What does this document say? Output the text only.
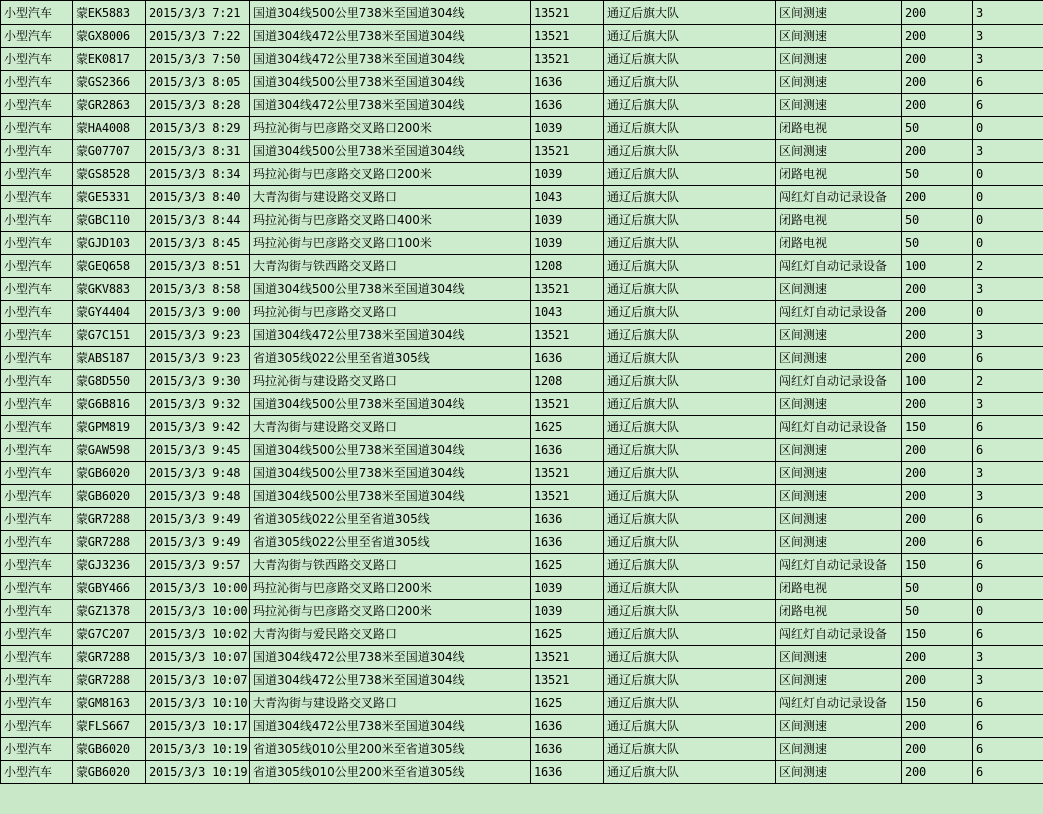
小型汽车	蒙EK5883	2015/3/3 7:21	国道304线500公里738米至国道304线	13521	通辽后旗大队	区间测速	200	3
小型汽车	蒙GX8006	2015/3/3 7:22	国道304线472公里738米至国道304线	13521	通辽后旗大队	区间测速	200	3
小型汽车	蒙EK0817	2015/3/3 7:50	国道304线472公里738米至国道304线	13521	通辽后旗大队	区间测速	200	3
小型汽车	蒙GS2366	2015/3/3 8:05	国道304线500公里738米至国道304线	1636	通辽后旗大队	区间测速	200	6
小型汽车	蒙GR2863	2015/3/3 8:28	国道304线472公里738米至国道304线	1636	通辽后旗大队	区间测速	200	6
小型汽车	蒙HA4008	2015/3/3 8:29	玛拉沁街与巴彦路交叉路口200米	1039	通辽后旗大队	闭路电视	50	0
小型汽车	蒙G07707	2015/3/3 8:31	国道304线500公里738米至国道304线	13521	通辽后旗大队	区间测速	200	3
小型汽车	蒙GS8528	2015/3/3 8:34	玛拉沁街与巴彦路交叉路口200米	1039	通辽后旗大队	闭路电视	50	0
小型汽车	蒙GE5331	2015/3/3 8:40	大青沟街与建设路交叉路口	1043	通辽后旗大队	闯红灯自动记录设备	200	0
小型汽车	蒙GBC110	2015/3/3 8:44	玛拉沁街与巴彦路交叉路口400米	1039	通辽后旗大队	闭路电视	50	0
小型汽车	蒙GJD103	2015/3/3 8:45	玛拉沁街与巴彦路交叉路口100米	1039	通辽后旗大队	闭路电视	50	0
小型汽车	蒙GEQ658	2015/3/3 8:51	大青沟街与铁西路交叉路口	1208	通辽后旗大队	闯红灯自动记录设备	100	2
小型汽车	蒙GKV883	2015/3/3 8:58	国道304线500公里738米至国道304线	13521	通辽后旗大队	区间测速	200	3
小型汽车	蒙GY4404	2015/3/3 9:00	玛拉沁街与巴彦路交叉路口	1043	通辽后旗大队	闯红灯自动记录设备	200	0
小型汽车	蒙G7C151	2015/3/3 9:23	国道304线472公里738米至国道304线	13521	通辽后旗大队	区间测速	200	3
小型汽车	蒙ABS187	2015/3/3 9:23	省道305线022公里至省道305线	1636	通辽后旗大队	区间测速	200	6
小型汽车	蒙G8D550	2015/3/3 9:30	玛拉沁街与建设路交叉路口	1208	通辽后旗大队	闯红灯自动记录设备	100	2
小型汽车	蒙G6B816	2015/3/3 9:32	国道304线500公里738米至国道304线	13521	通辽后旗大队	区间测速	200	3
小型汽车	蒙GPM819	2015/3/3 9:42	大青沟街与建设路交叉路口	1625	通辽后旗大队	闯红灯自动记录设备	150	6
小型汽车	蒙GAW598	2015/3/3 9:45	国道304线500公里738米至国道304线	1636	通辽后旗大队	区间测速	200	6
小型汽车	蒙GB6020	2015/3/3 9:48	国道304线500公里738米至国道304线	13521	通辽后旗大队	区间测速	200	3
小型汽车	蒙GB6020	2015/3/3 9:48	国道304线500公里738米至国道304线	13521	通辽后旗大队	区间测速	200	3
小型汽车	蒙GR7288	2015/3/3 9:49	省道305线022公里至省道305线	1636	通辽后旗大队	区间测速	200	6
小型汽车	蒙GR7288	2015/3/3 9:49	省道305线022公里至省道305线	1636	通辽后旗大队	区间测速	200	6
小型汽车	蒙GJ3236	2015/3/3 9:57	大青沟街与铁西路交叉路口	1625	通辽后旗大队	闯红灯自动记录设备	150	6
小型汽车	蒙GBY466	2015/3/3 10:00	玛拉沁街与巴彦路交叉路口200米	1039	通辽后旗大队	闭路电视	50	0
小型汽车	蒙GZ1378	2015/3/3 10:00	玛拉沁街与巴彦路交叉路口200米	1039	通辽后旗大队	闭路电视	50	0
小型汽车	蒙G7C207	2015/3/3 10:02	大青沟街与爱民路交叉路口	1625	通辽后旗大队	闯红灯自动记录设备	150	6
小型汽车	蒙GR7288	2015/3/3 10:07	国道304线472公里738米至国道304线	13521	通辽后旗大队	区间测速	200	3
小型汽车	蒙GR7288	2015/3/3 10:07	国道304线472公里738米至国道304线	13521	通辽后旗大队	区间测速	200	3
小型汽车	蒙GM8163	2015/3/3 10:10	大青沟街与建设路交叉路口	1625	通辽后旗大队	闯红灯自动记录设备	150	6
小型汽车	蒙FLS667	2015/3/3 10:17	国道304线472公里738米至国道304线	1636	通辽后旗大队	区间测速	200	6
小型汽车	蒙GB6020	2015/3/3 10:19	省道305线010公里200米至省道305线	1636	通辽后旗大队	区间测速	200	6
小型汽车	蒙GB6020	2015/3/3 10:19	省道305线010公里200米至省道305线	1636	通辽后旗大队	区间测速	200	6
